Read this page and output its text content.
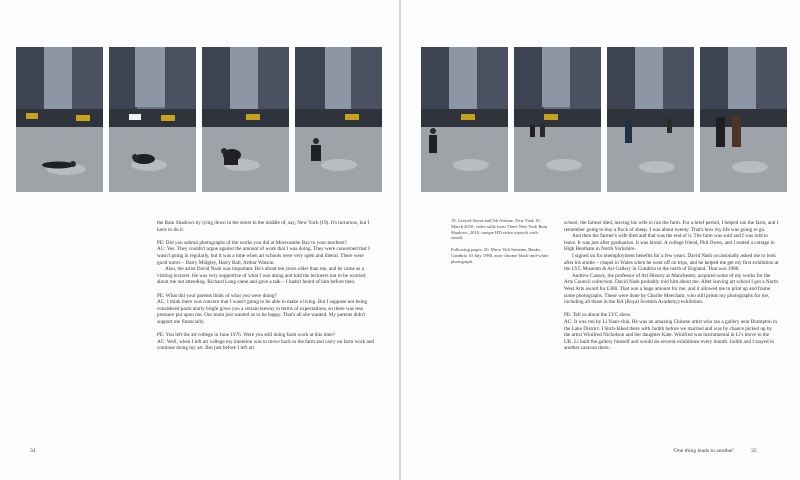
the Rain Shadows by lying down in the street in the middle of, say, New York (19). It's torturous, but I have to do it.

PE: Did you submit photographs of the works you did at Morecambe Bay to your teachers?

AC: Yes. They couldn't argue against the amount of work that I was doing. They were concerned that I wasn't going in regularly, but it was a time when art schools were very open and liberal. There were good tutors – Barry Midgley, Harry Ball, Arthur Watson.

Also, the artist David Nash was important. He's about ten years older than me, and he came as a visiting lecturer. He was very supportive of what I was doing and told the lecturers not to be worried about me not attending. Richard Long came and gave a talk – I hadn't heard of him before then.

PE: What did your parents think of what you were doing?

AC: I think there was concern that I wasn't going to be able to make a living. But I suppose not being considered particularly bright gives you a certain leeway in terms of expectations, so there was less pressure put upon me. Our mum just wanted us to be happy. That's all she wanted. My parents didn't support me financially.

PE: You left the art college in June 1976. Were you still doing farm work at this time?

AC: Well, when I left art college my intention was to move back to the farm and carry on farm work and continue doing my art. But just before I left art

34

19. Greyed Street and 5th Avenue, New York 10 March 2010, video stills from Three New York Rain Shadows, 2010, unique HD video triptych with sound.

Following pages: 20. Moor Vidi Streams, Banks, Cumbria 10 July 1980, auto-chrome black-and-white photograph.

school, the farmer died, leaving his wife to run the farm. For a brief period, I helped run the farm, and I remember going to buy a flock of sheep. I was about twenty. That's how my life was going to go.

And then the farmer's wife died and that was the end of it. The farm was sold and I was told to leave. It was just after graduation. It was brutal. A college friend, Phil Owen, and I rented a cottage in High Bentham in North Yorkshire.

I signed on for unemployment benefits for a few years. David Nash occasionally asked me to look after his studio – chapel in Wales when he went off on trips, and he helped me get my first exhibition at the LYC Museum & Art Gallery in Cumbria in the north of England. That was 1980.

Andrew Causey, the professor of Art History at Manchester, acquired some of my works for the Arts Council collection. David Nash probably told him about me. After leaving art school I got a North West Arts award for £300. That was a huge amount for me, and it allowed me to print up and frame some photographs. These were done by Charlie Meecham, who still prints my photographs for me, including all those in the RA (Royal Scottish Academy) exhibition.

PE: Tell us about the LYC show.

AC: It was run by Li Yuan-chia. He was an amazing Chinese artist who ran a gallery near Brampton in the Lake District. I hitch-hiked there with Judith before we married and was by chance picked up by the artist Winifred Nicholson and her daughter Kate. Winifred was instrumental in Li's move to the UK. Li built the gallery himself and would do several exhibitions every month. Judith and I stayed in another caravan there.

'One thing leads to another'	35
